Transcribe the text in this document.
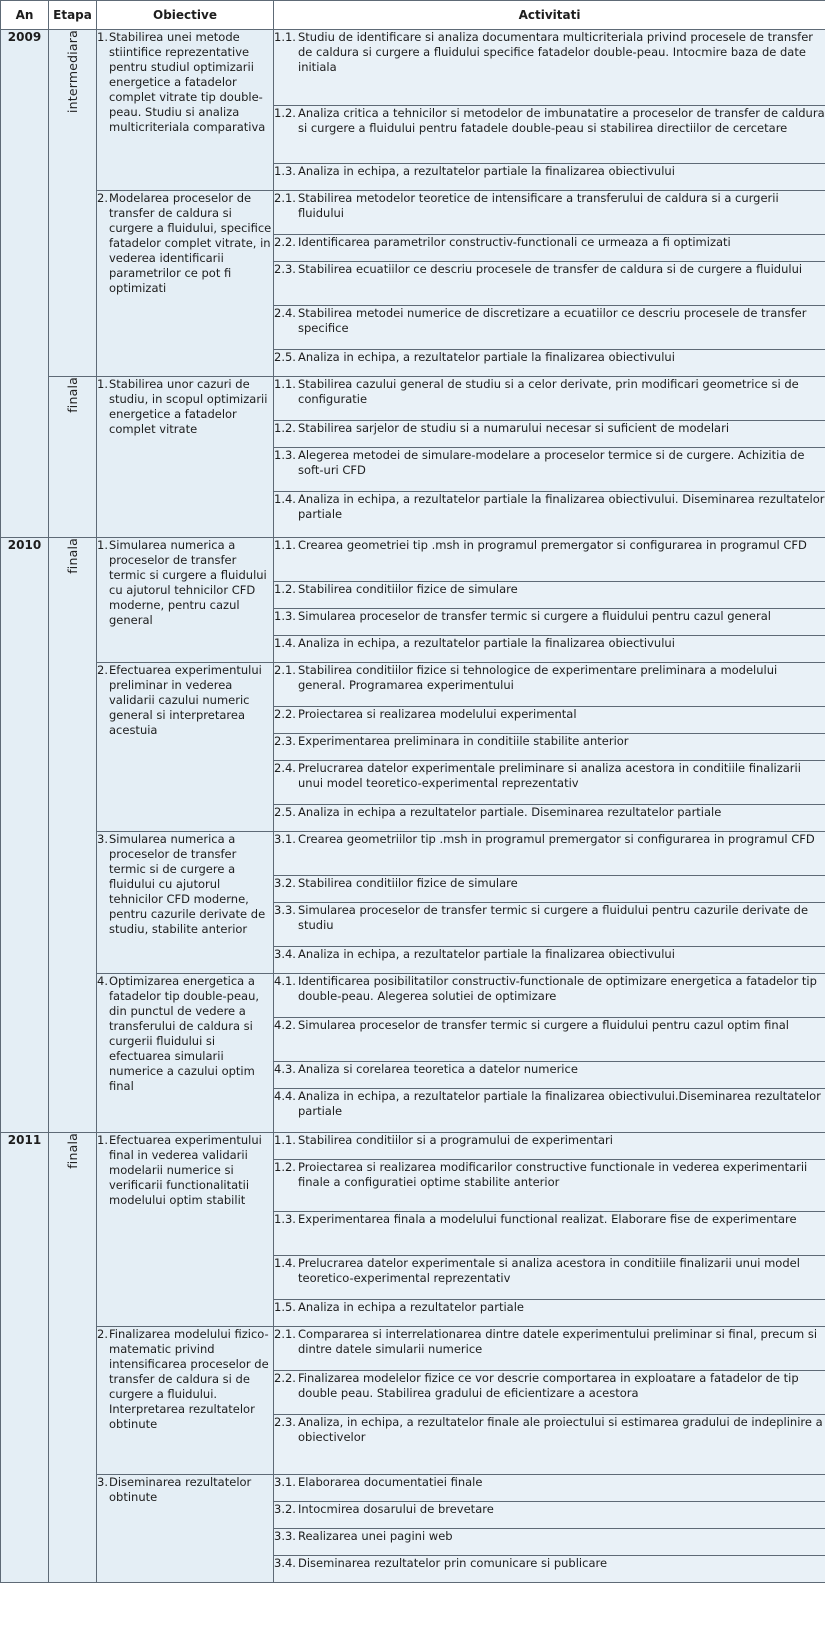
An	Etapa	Obiective	Activitati
2009	intermediara	1. Stabilirea unei metode stiintifice reprezentative pentru studiul optimizarii energetice a fatadelor complet vitrate tip double-peau. Studiu si analiza multicriteriala comparativa	1.1. Studiu de identificare si analiza documentara multicriteriala privind procesele de transfer de caldura si curgere a fluidului specifice fatadelor double-peau. Intocmire baza de date initiala

			1.2. Analiza critica a tehnicilor si metodelor de imbunatatire a proceselor de transfer de caldura si curgere a fluidului pentru fatadele double-peau si stabilirea directiilor de cercetare

			1.3. Analiza in echipa, a rezultatelor partiale la finalizarea obiectivului

		2. Modelarea proceselor de transfer de caldura si curgere a fluidului, specifice fatadelor complet vitrate, in vederea identificarii parametrilor ce pot fi optimizati	2.1. Stabilirea metodelor teoretice de intensificare a transferului de caldura si a curgerii fluidului

			2.2. Identificarea parametrilor constructiv-functionali ce urmeaza a fi optimizati

			2.3. Stabilirea ecuatiilor ce descriu procesele de transfer de caldura si de curgere a fluidului

			2.4. Stabilirea metodei numerice de discretizare a ecuatiilor ce descriu procesele de transfer specifice

			2.5. Analiza in echipa, a rezultatelor partiale la finalizarea obiectivului

	finala	1. Stabilirea unor cazuri de studiu, in scopul optimizarii energetice a fatadelor complet vitrate	1.1. Stabilirea cazului general de studiu si a celor derivate, prin modificari geometrice si de configuratie

			1.2. Stabilirea sarjelor de studiu si a numarului necesar si suficient de modelari

			1.3. Alegerea metodei de simulare-modelare a proceselor termice si de curgere. Achizitia de soft-uri CFD

			1.4. Analiza in echipa, a rezultatelor partiale la finalizarea obiectivului. Diseminarea rezultatelor partiale

2010	finala	1. Simularea numerica a proceselor de transfer termic si curgere a fluidului cu ajutorul tehnicilor CFD moderne, pentru cazul general	1.1. Crearea geometriei tip .msh in programul premergator si configurarea in programul CFD

			1.2. Stabilirea conditiilor fizice de simulare

			1.3. Simularea proceselor de transfer termic si curgere a fluidului pentru cazul general

			1.4. Analiza in echipa, a rezultatelor partiale la finalizarea obiectivului

		2. Efectuarea experimentului preliminar in vederea validarii cazului numeric general si interpretarea acestuia	2.1. Stabilirea conditiilor fizice si tehnologice de experimentare preliminara a modelului general. Programarea experimentului

			2.2. Proiectarea si realizarea modelului experimental

			2.3. Experimentarea preliminara in conditiile stabilite anterior

			2.4. Prelucrarea datelor experimentale preliminare si analiza acestora in conditiile finalizarii unui model teoretico-experimental reprezentativ

			2.5. Analiza in echipa a rezultatelor partiale. Diseminarea rezultatelor partiale

		3. Simularea numerica a proceselor de transfer termic si de curgere a fluidului cu ajutorul tehnicilor CFD moderne, pentru cazurile derivate de studiu, stabilite anterior	3.1. Crearea geometriilor tip .msh in programul premergator si configurarea in programul CFD

			3.2. Stabilirea conditiilor fizice de simulare

			3.3. Simularea proceselor de transfer termic si curgere a fluidului pentru cazurile derivate de studiu

			3.4. Analiza in echipa, a rezultatelor partiale la finalizarea obiectivului

		4. Optimizarea energetica a fatadelor tip double-peau, din punctul de vedere a transferului de caldura si curgerii fluidului si efectuarea simularii numerice a cazului optim final	4.1. Identificarea posibilitatilor constructiv-functionale de optimizare energetica a fatadelor tip double-peau. Alegerea solutiei de optimizare

			4.2. Simularea proceselor de transfer termic si curgere a fluidului pentru cazul optim final

			4.3. Analiza si corelarea teoretica a datelor numerice

			4.4. Analiza in echipa, a rezultatelor partiale la finalizarea obiectivului.Diseminarea rezultatelor partiale

2011	finala	1. Efectuarea experimentului final in vederea validarii modelarii numerice si verificarii functionalitatii modelului optim stabilit	1.1. Stabilirea conditiilor si a programului de experimentari

			1.2. Proiectarea si realizarea modificarilor constructive functionale in vederea experimentarii finale a configuratiei optime stabilite anterior

			1.3. Experimentarea finala a modelului functional realizat. Elaborare fise de experimentare

			1.4. Prelucrarea datelor experimentale si analiza acestora in conditiile finalizarii unui model teoretico-experimental reprezentativ

			1.5. Analiza in echipa a rezultatelor partiale

		2. Finalizarea modelului fizico-matematic privind intensificarea proceselor de transfer de caldura si de curgere a fluidului. Interpretarea rezultatelor obtinute	2.1. Compararea si interrelationarea dintre datele experimentului preliminar si final, precum si dintre datele simularii numerice

			2.2. Finalizarea modelelor fizice ce vor descrie comportarea in exploatare a fatadelor de tip double peau. Stabilirea gradului de eficientizare a acestora

			2.3. Analiza, in echipa, a rezultatelor finale ale proiectului si estimarea gradului de indeplinire a obiectivelor

		3. Diseminarea rezultatelor obtinute	3.1. Elaborarea documentatiei finale

			3.2. Intocmirea dosarului de brevetare

			3.3. Realizarea unei pagini web

			3.4. Diseminarea rezultatelor prin comunicare si publicare
